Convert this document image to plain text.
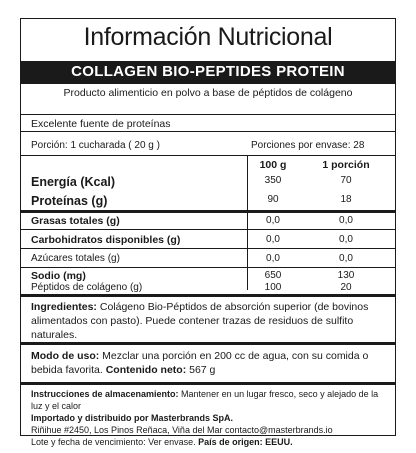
Información Nutricional
COLLAGEN BIO-PEPTIDES PROTEIN
Producto alimenticio en polvo a base de péptidos de colágeno
Excelente fuente de proteínas
Porción: 1 cucharada ( 20 g )	Porciones por envase: 28
100 g	1 porción
Energía (Kcal)	350	70
Proteínas (g)	90	18
Grasas totales (g)	0,0	0,0
Carbohidratos disponibles (g)	0,0	0,0
Azúcares totales (g)	0,0	0,0
Sodio (mg)	650	130
Péptidos de colágeno (g)	100	20
Ingredientes: Colágeno Bio-Péptidos de absorción superior (de bovinos alimentados con pasto). Puede contener trazas de residuos de sulfito naturales.
Modo de uso: Mezclar una porción en 200 cc de agua, con su comida o bebida favorita. Contenido neto: 567 g
Instrucciones de almacenamiento: Mantener en un lugar fresco, seco y alejado de la luz y el calor
Importado y distribuido por Masterbrands SpA.
Riñihue #2450, Los Pinos Reñaca, Viña del Mar contacto@masterbrands.io
Lote y fecha de vencimiento: Ver envase. País de origen: EEUU.
